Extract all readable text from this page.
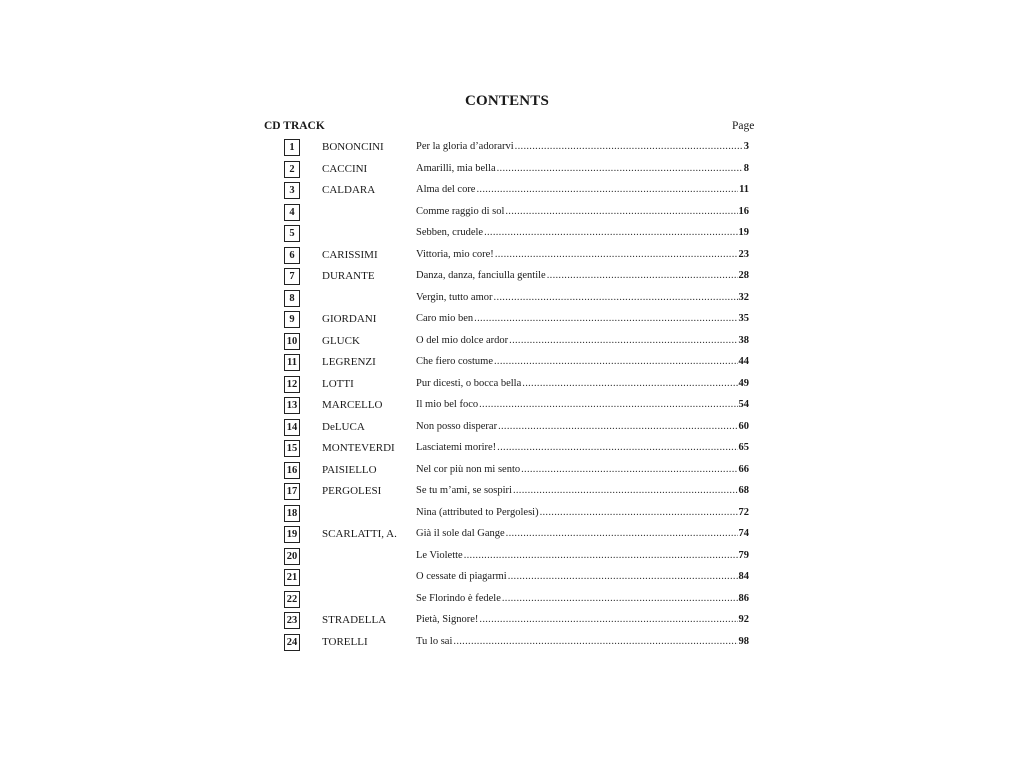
CONTENTS
CD TRACK	Page
1	BONONCINI	Per la gloria d’adorarvi .....	3
2	CACCINI	Amarilli, mia bella .....	8
3	CALDARA	Alma del core .....	11
4	Comme raggio di sol .....	16
5	Sebben, crudele .....	19
6	CARISSIMI	Vittoria, mio core! .....	23
7	DURANTE	Danza, danza, fanciulla gentile .....	28
8	Vergin, tutto amor .....	32
9	GIORDANI	Caro mio ben .....	35
10 GLUCK	O del mio dolce ardor .....	38
11 LEGRENZI	Che fiero costume .....	44
12 LOTTI	Pur dicesti, o bocca bella .....	49
13 MARCELLO	Il mio bel foco .....	54
14 DeLUCA	Non posso disperar .....	60
15 MONTEVERDI Lasciatemi morire! .....	65
16 PAISIELLO	Nel cor più non mi sento .....	66
17 PERGOLESI	Se tu m’ami, se sospiri .....	68
18	Nina (attributed to Pergolesi) .....	72
19 SCARLATTI, A. Già il sole dal Gange .....	74
20	Le Violette .....	79
21	O cessate di piagarmi .....	84
22	Se Florindo è fedele .....	86
23 STRADELLA	Pietà, Signore! .....	92
24 TORELLI	Tu lo sai .....	98
